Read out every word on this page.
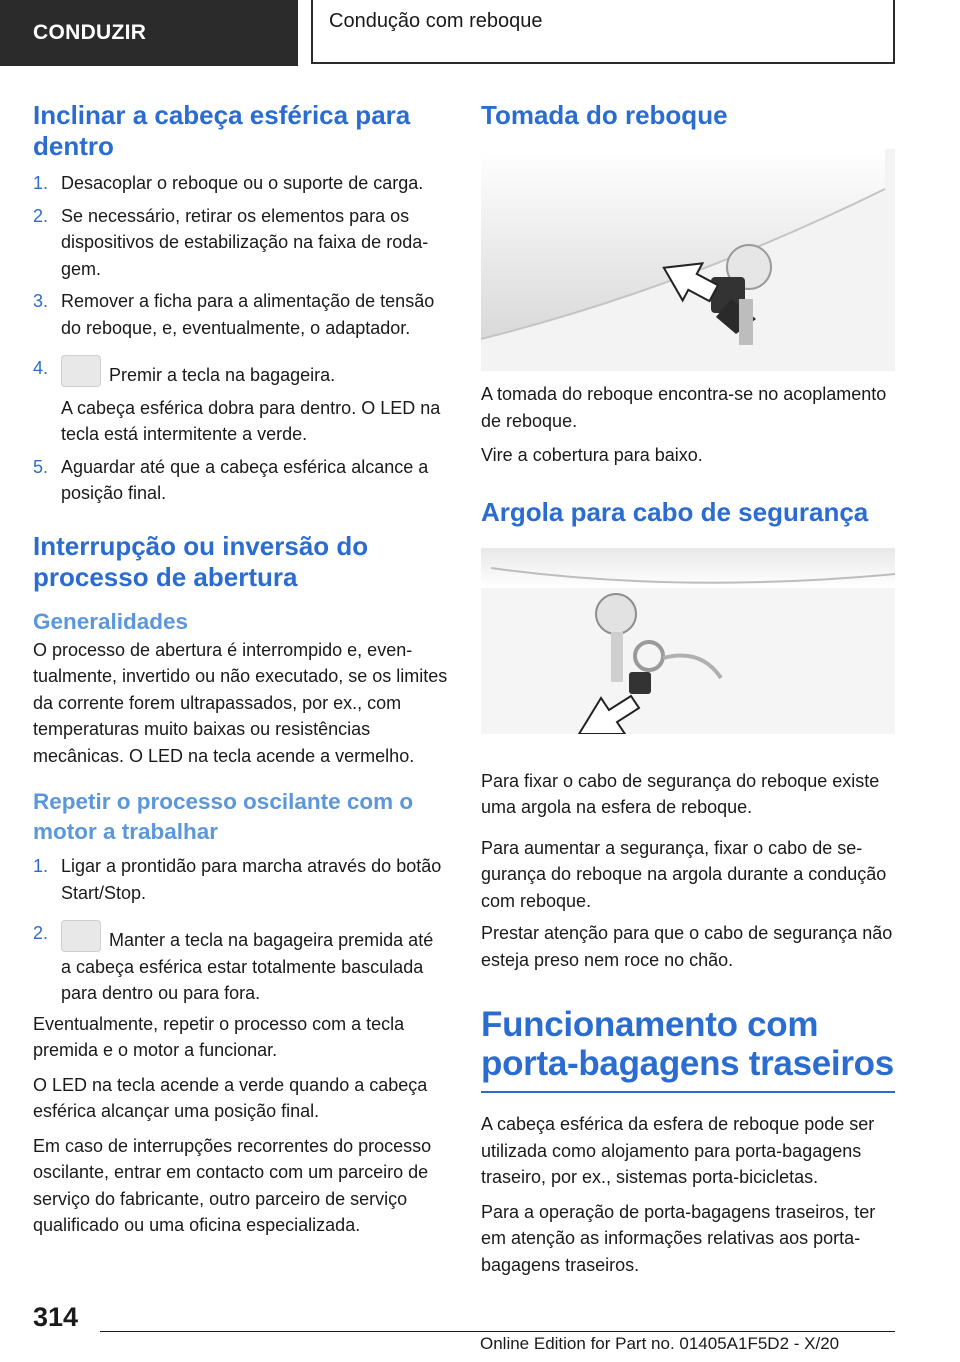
CONDUZIR	Condução com reboque
Inclinar a cabeça esférica para dentro
1. Desacoplar o reboque ou o suporte de carga.
2. Se necessário, retirar os elementos para os dispositivos de estabilização na faixa de rodagem.
3. Remover a ficha para a alimentação de tensão do reboque, e, eventualmente, o adaptador.
4.	Premir a tecla na bagageira.
A cabeça esférica dobra para dentro. O LED na tecla está intermitente a verde.
5. Aguardar até que a cabeça esférica alcance a posição final.
Interrupção ou inversão do processo de abertura
Generalidades

O processo de abertura é interrompido e, eventualmente, invertido ou não executado, se os limites da corrente forem ultrapassados, por ex., com temperaturas muito baixas ou resistências mecânicas. O LED na tecla acende a vermelho.

Repetir o processo oscilante com o motor a trabalhar
1. Ligar a prontidão para marcha através do botão Start/Stop.
2.	Manter a tecla na bagageira premida até a cabeça esférica estar totalmente basculada para dentro ou para fora.

Eventualmente, repetir o processo com a tecla premida e o motor a funcionar.

O LED na tecla acende a verde quando a cabeça esférica alcançar uma posição final.

Em caso de interrupções recorrentes do processo oscilante, entrar em contacto com um parceiro de serviço do fabricante, outro parceiro de serviço qualificado ou uma oficina especializada.

Tomada do reboque

A tomada do reboque encontra-se no acoplamento de reboque.

Vire a cobertura para baixo.

Argola para cabo de segurança

Para fixar o cabo de segurança do reboque existe uma argola na esfera de reboque.

Para aumentar a segurança, fixar o cabo de segurança do reboque na argola durante a condução com reboque.

Prestar atenção para que o cabo de segurança não esteja preso nem roce no chão.

Funcionamento com porta-bagagens traseiros

A cabeça esférica da esfera de reboque pode ser utilizada como alojamento para porta-bagagens traseiro, por ex., sistemas porta-bicicletas.

Para a operação de porta-bagagens traseiros, ter em atenção as informações relativas aos porta-bagagens traseiros.

314
Online Edition for Part no. 01405A1F5D2 - X/20
